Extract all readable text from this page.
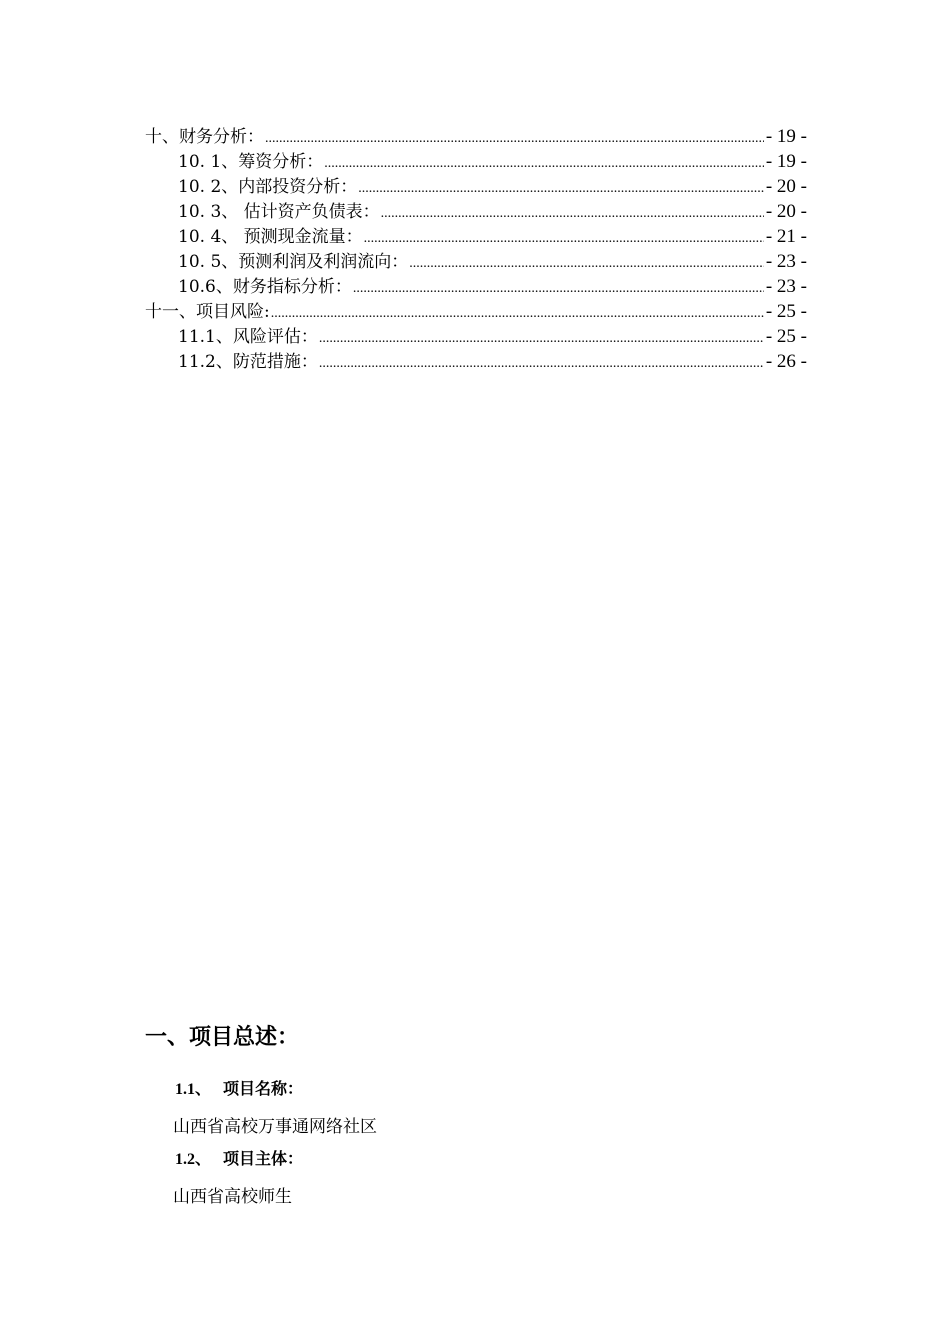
十、财务分析： .....	- 19 -
10. 1、筹资分析： .....	- 19 -
10. 2、内部投资分析： .....	- 20 -
10. 3、 估计资产负债表： .....	- 20 -
10. 4、 预测现金流量： .....	- 21 -
10. 5、预测利润及利润流向： .....	- 23 -
10.6、财务指标分析： .....	- 23 -
十一、项目风险: .....	- 25 -
11.1、风险评估： .....	- 25 -
11.2、防范措施： .....	- 26 -
一、项目总述：
1.1、 项目名称：

山西省高校万事通网络社区

1.2、 项目主体：

山西省高校师生
